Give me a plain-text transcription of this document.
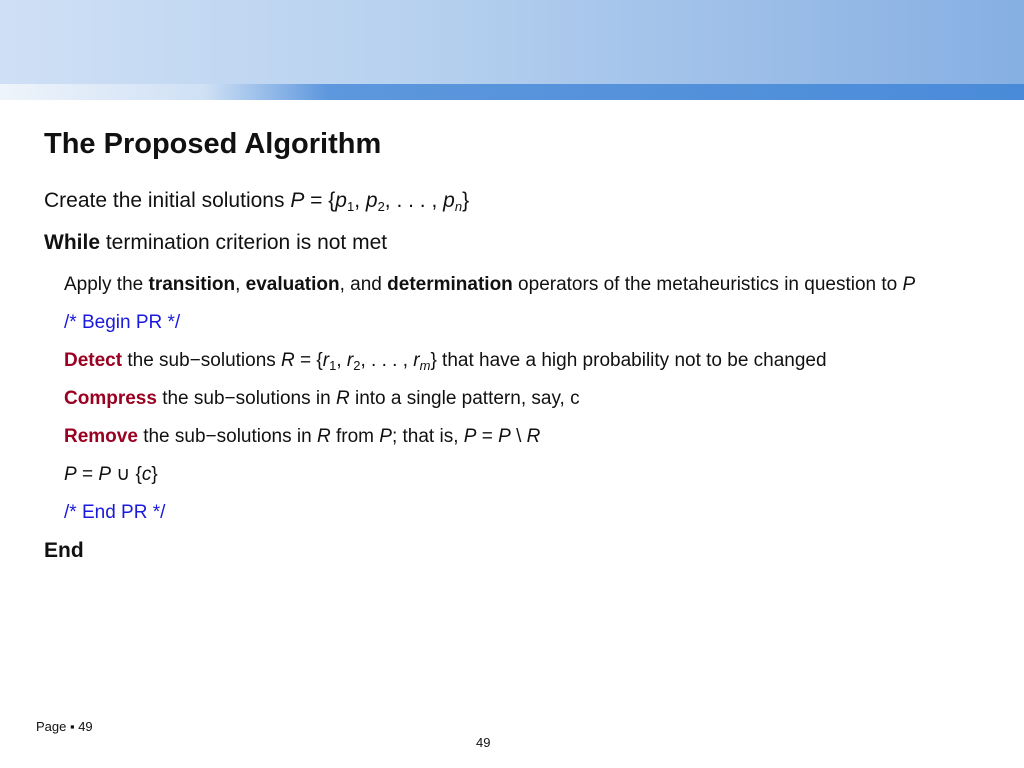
The Proposed Algorithm
Create the initial solutions $P = \{p_1$, $p_2$, . . . , $p_n$}
While termination criterion is not met
Apply the transition, evaluation, and determination operators of the metaheuristics in question to P
/* Begin PR */
Detect the sub−solutions $R = \{r_1$, $r_2$, . . . , $r_m$} that have a high probability not to be changed
Compress the sub−solutions in R into a single pattern, say, c
Remove the sub−solutions in R from P; that is, P = P \ R
P = P ∪ {c}
/* End PR */
End
Page ▪ 49
49
